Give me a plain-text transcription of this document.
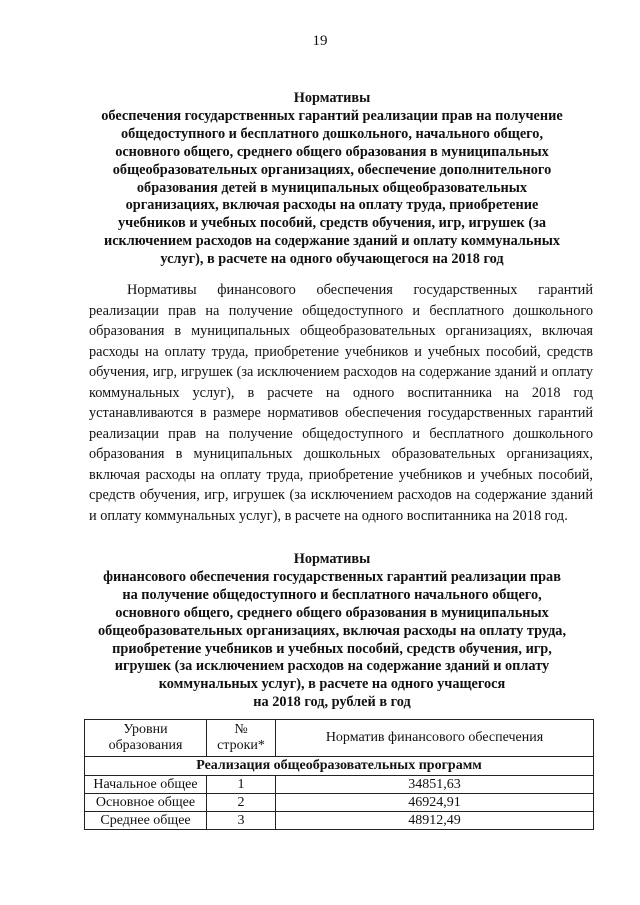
19

Нормативы

обеспечения государственных гарантий реализации прав на получение

общедоступного и бесплатного дошкольного, начального общего,

основного общего, среднего общего образования в муниципальных

общеобразовательных организациях, обеспечение дополнительного

образования детей в муниципальных общеобразовательных

организациях, включая расходы на оплату труда, приобретение

учебников и учебных пособий, средств обучения, игр, игрушек (за

исключением расходов на содержание зданий и оплату коммунальных

услуг), в расчете на одного обучающегося на 2018 год

Нормативы финансового обеспечения государственных гарантий реализации прав на получение общедоступного и бесплатного дошкольного образования в муниципальных общеобразовательных организациях, включая расходы на оплату труда, приобретение учебников и учебных пособий, средств обучения, игр, игрушек (за исключением расходов на содержание зданий и оплату коммунальных услуг), в расчете на одного воспитанника на 2018 год устанавливаются в размере нормативов обеспечения государственных гарантий реализации прав на получение общедоступного и бесплатного дошкольного образования в муниципальных дошкольных образовательных организациях, включая расходы на оплату труда, приобретение учебников и учебных пособий, средств обучения, игр, игрушек (за исключением расходов на содержание зданий и оплату коммунальных услуг), в расчете на одного воспитанника на 2018 год.

Нормативы

финансового обеспечения государственных гарантий реализации прав

на получение общедоступного и бесплатного начального общего,

основного общего, среднего общего образования в муниципальных

общеобразовательных организациях, включая расходы на оплату труда,

приобретение учебников и учебных пособий, средств обучения, игр,

игрушек (за исключением расходов на содержание зданий и оплату

коммунальных услуг), в расчете на одного учащегося

на 2018 год, рублей в год

Уровни
образования	№
строки*	Норматив финансового обеспечения
Реализация общеобразовательных программ		
Начальное общее	1	34851,63
Основное общее	2	46924,91
Среднее общее	3	48912,49
